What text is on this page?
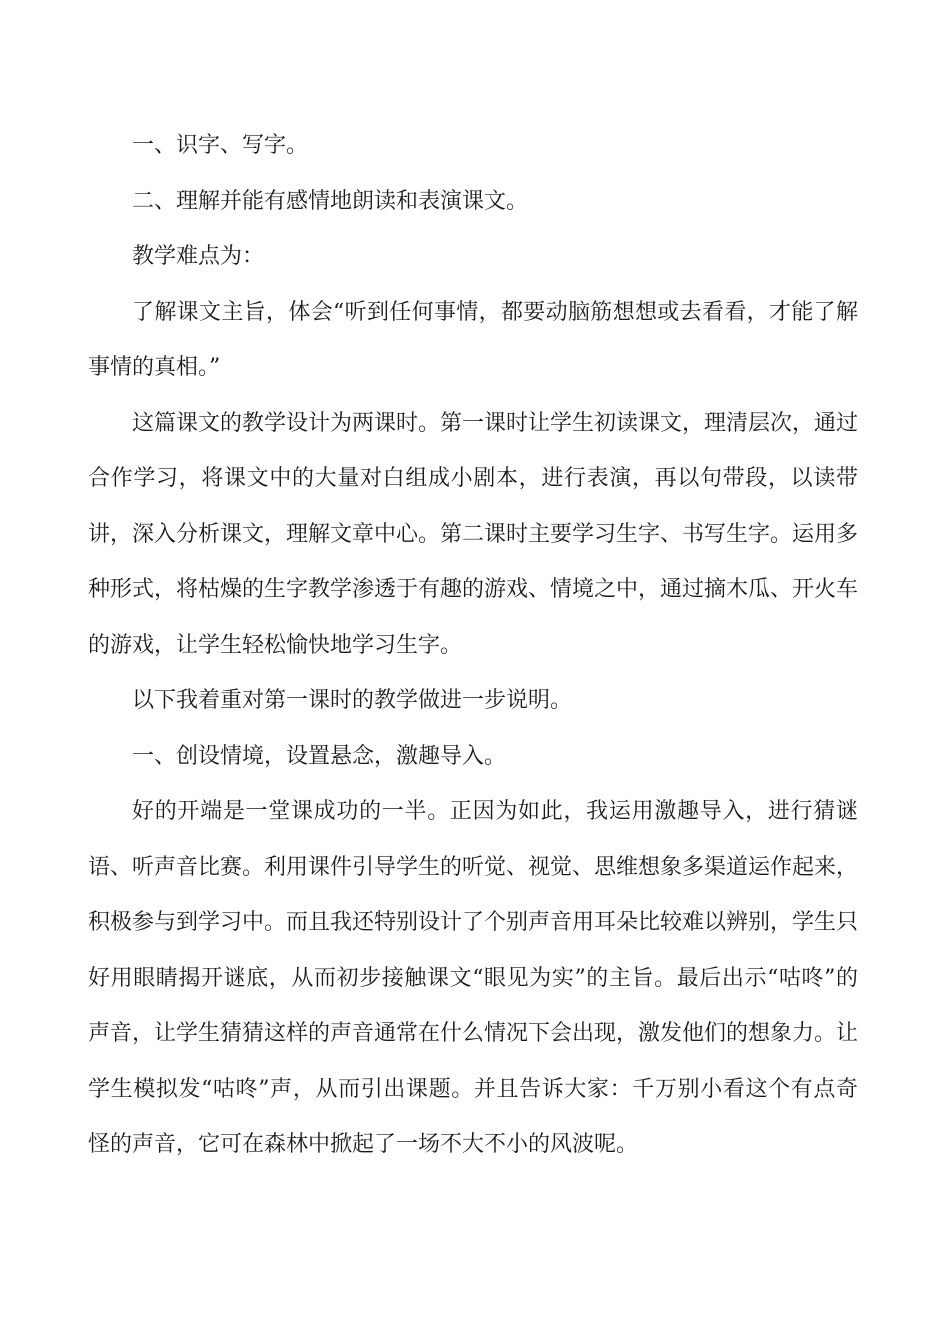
一、识字、写字。

二、理解并能有感情地朗读和表演课文。

教学难点为：

了解课文主旨，体会“听到任何事情，都要动脑筋想想或去看看，才能了解事情的真相。”

这篇课文的教学设计为两课时。第一课时让学生初读课文，理清层次，通过合作学习，将课文中的大量对白组成小剧本，进行表演，再以句带段，以读带讲，深入分析课文，理解文章中心。第二课时主要学习生字、书写生字。运用多种形式，将枯燥的生字教学渗透于有趣的游戏、情境之中，通过摘木瓜、开火车的游戏，让学生轻松愉快地学习生字。

以下我着重对第一课时的教学做进一步说明。

一、创设情境，设置悬念，激趣导入。

好的开端是一堂课成功的一半。正因为如此，我运用激趣导入，进行猜谜语、听声音比赛。利用课件引导学生的听觉、视觉、思维想象多渠道运作起来，积极参与到学习中。而且我还特别设计了个别声音用耳朵比较难以辨别，学生只好用眼睛揭开谜底，从而初步接触课文“眼见为实”的主旨。最后出示“咕咚”的声音，让学生猜猜这样的声音通常在什么情况下会出现，激发他们的想象力。让学生模拟发“咕咚”声，从而引出课题。并且告诉大家：千万别小看这个有点奇怪的声音，它可在森林中掀起了一场不大不小的风波呢。
